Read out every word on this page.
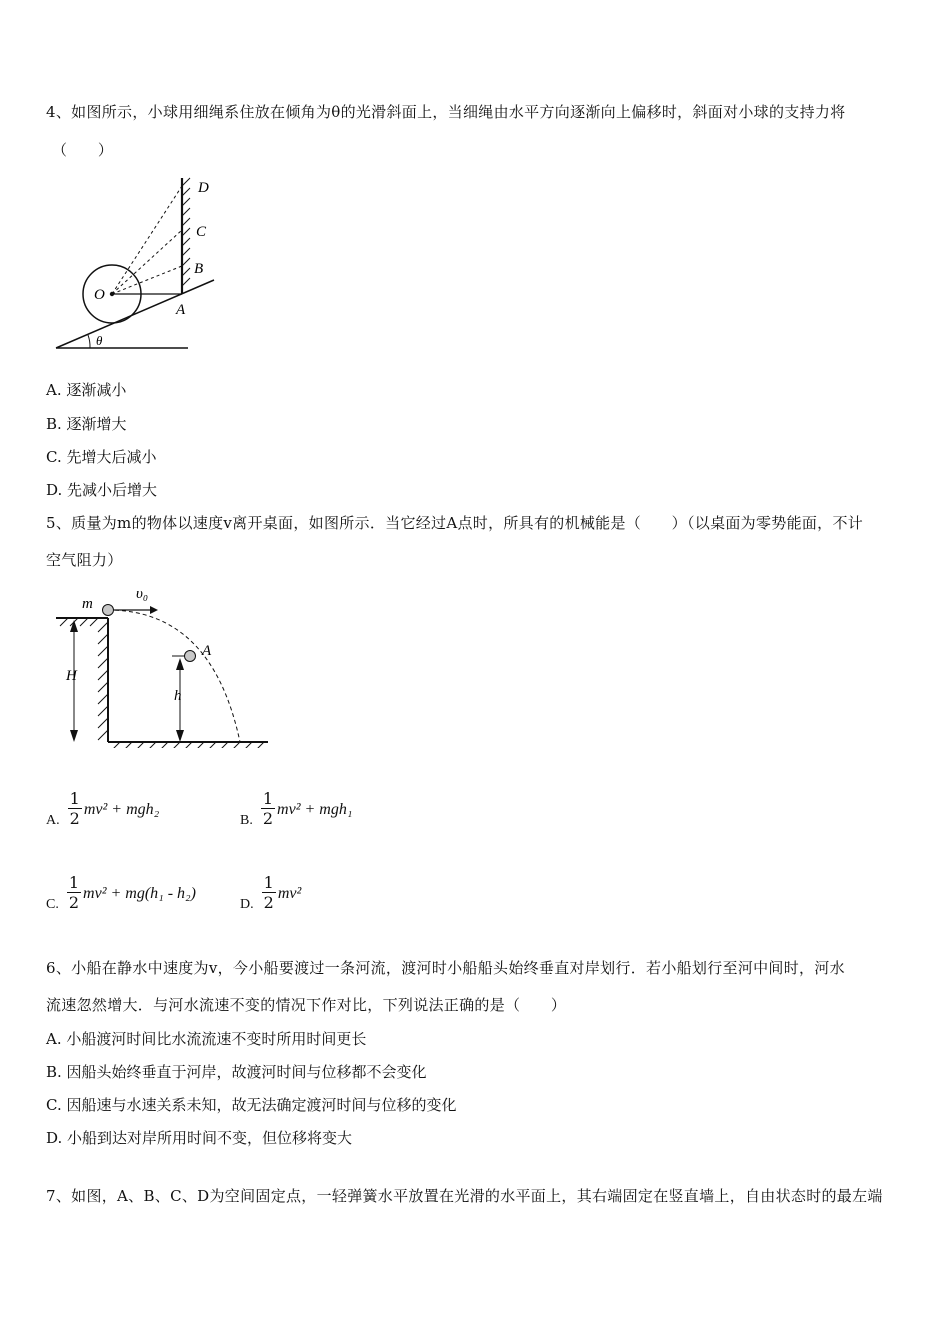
4、如图所示，小球用细绳系住放在倾角为θ的光滑斜面上，当细绳由水平方向逐渐向上偏移时，斜面对小球的支持力将
（　　）
D
C
B
O
A
θ
A. 逐渐减小
B. 逐渐增大
C. 先增大后减小
D. 先减小后增大
5、质量为m的物体以速度v离开桌面，如图所示．当它经过A点时，所具有的机械能是（　　）（以桌面为零势能面，不计
空气阻力）
m
υ₀
A
H
h
A. $\frac{1}{2} mv^2 + mgh_2$
B. $\frac{1}{2} mv^2 + mgh_1$
C. $\frac{1}{2} mv^2 + mg(h_1 - h_2)$
D. $\frac{1}{2} mv^2$
6、小船在静水中速度为v，今小船要渡过一条河流，渡河时小船船头始终垂直对岸划行．若小船划行至河中间时，河水
流速忽然增大．与河水流速不变的情况下作对比，下列说法正确的是（　　）
A. 小船渡河时间比水流流速不变时所用时间更长
B. 因船头始终垂直于河岸，故渡河时间与位移都不会变化
C. 因船速与水速关系未知，故无法确定渡河时间与位移的变化
D. 小船到达对岸所用时间不变，但位移将变大
7、如图，A、B、C、D为空间固定点，一轻弹簧水平放置在光滑的水平面上，其右端固定在竖直墙上，自由状态时的最左端
